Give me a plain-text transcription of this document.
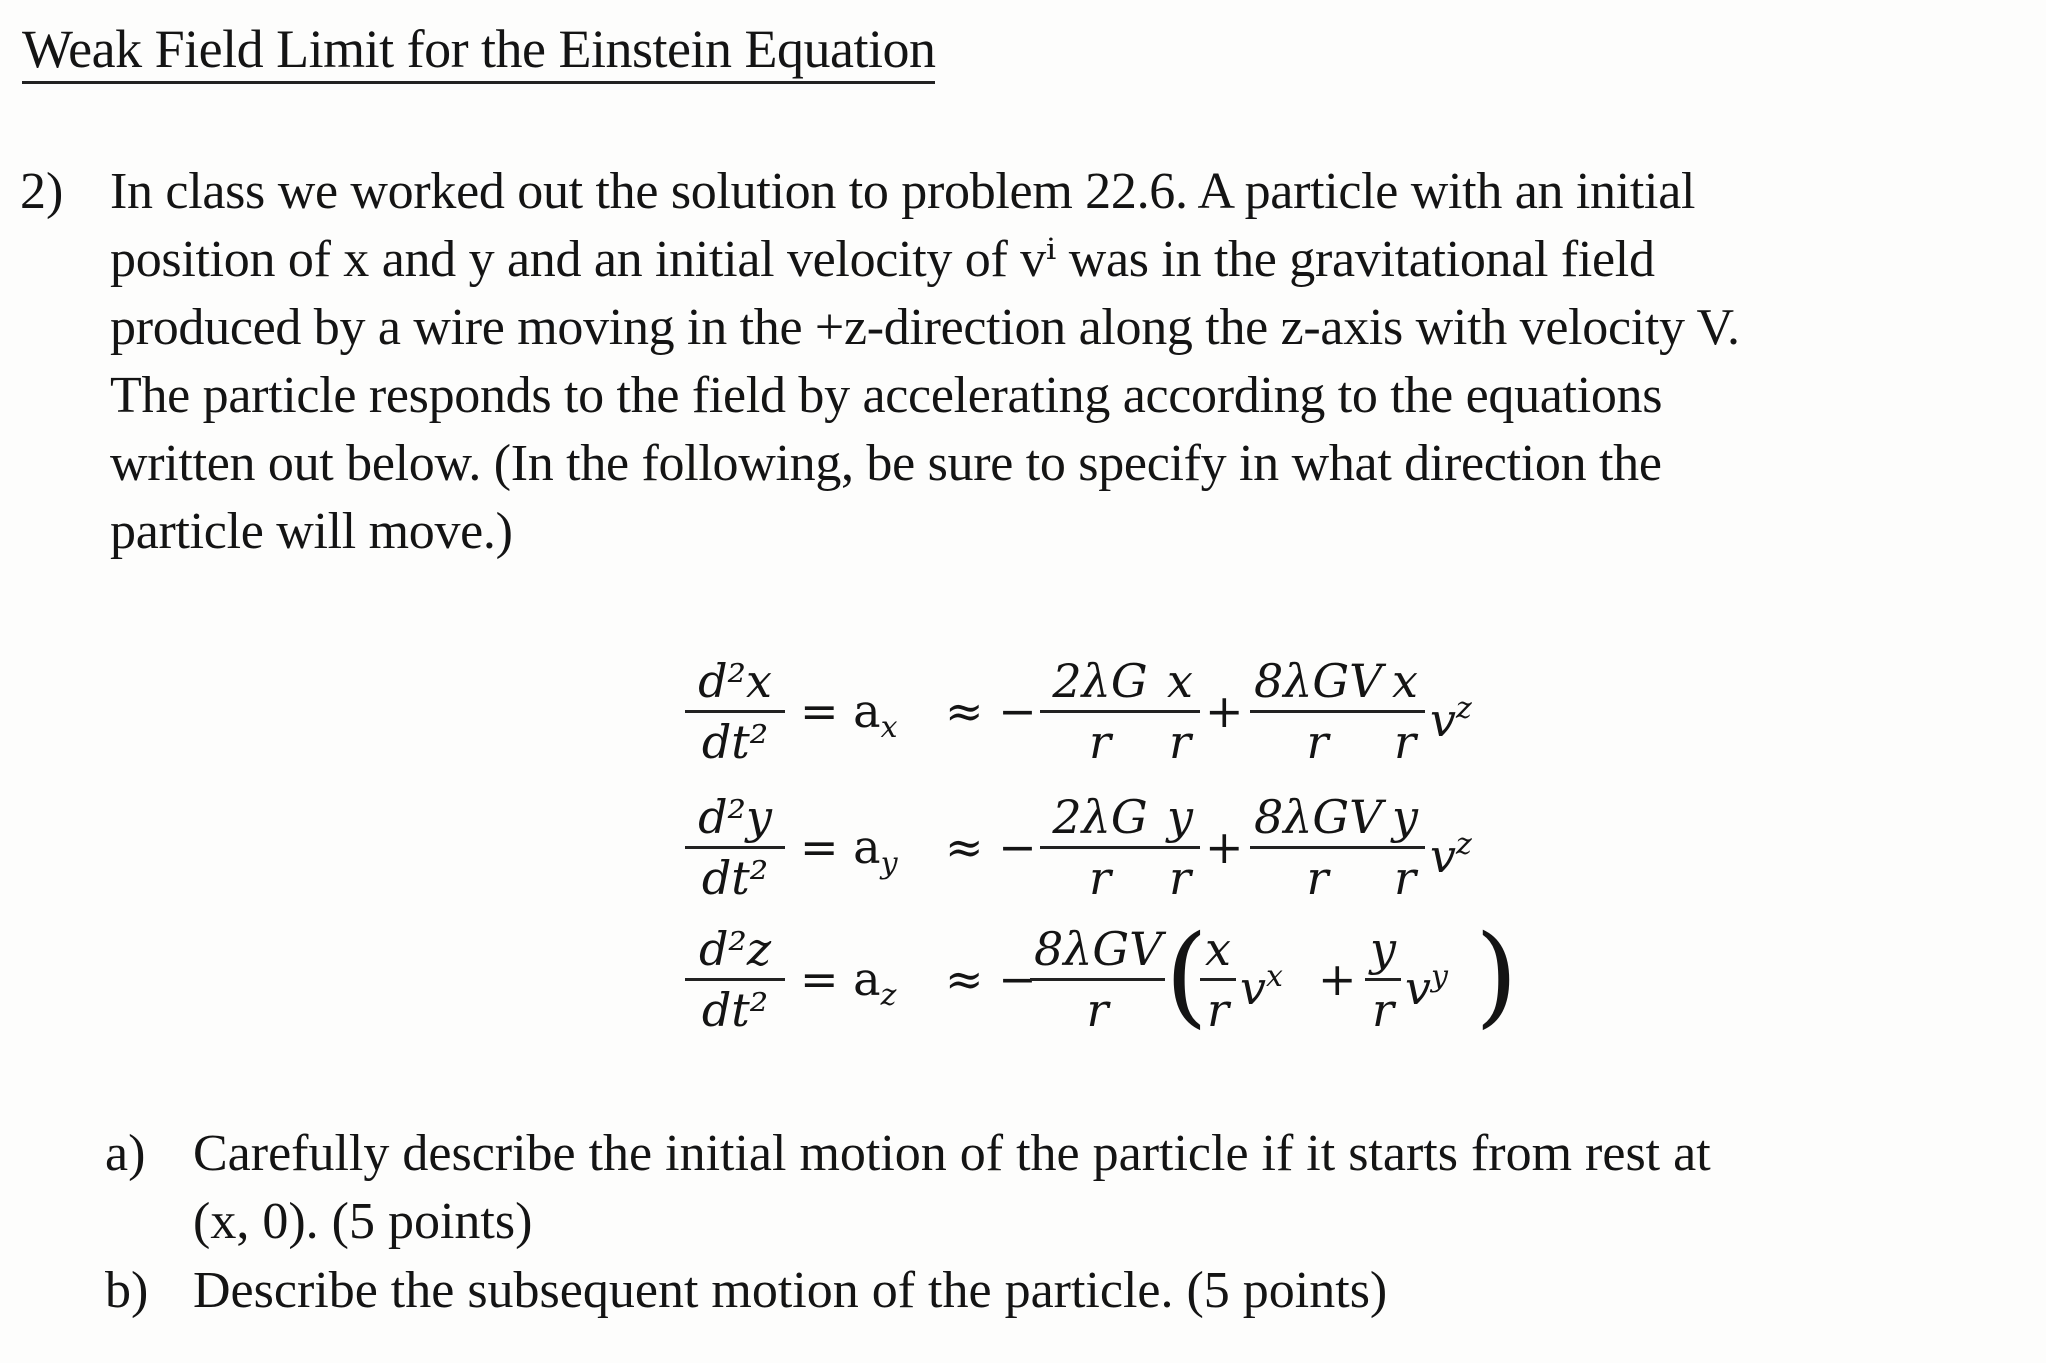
Weak Field Limit for the Einstein Equation
2) In class we worked out the solution to problem 22.6. A particle with an initial
position of x and y and an initial velocity of vⁱ was in the gravitational field
produced by a wire moving in the +z-direction along the z-axis with velocity V.
The particle responds to the field by accelerating according to the equations
written out below. (In the following, be sure to specify in what direction the
particle will move.)
$\frac{\text{d²x}}{\text{dt²}} = a_x$ ≈ − $\frac{2\lambda G}{r} \frac{x}{r}$ +
8λGV
r	$\frac{x}{r} v^z$
$\frac{\text{d²y}}{\text{dt²}} = a_y$ ≈ − $\frac{2\lambda G}{r} \frac{y}{r}$ +
8λGV
r	$\frac{y}{r} v^z$
$\frac{\text{d²z}}{\text{dt²}} = a_z$ ≈ −
8λGV
r (
$\frac{x}{r} v^x + \frac{y}{r} v^y$ )
a) Carefully describe the initial motion of the particle if it starts from rest at
(x, 0). (5 points)
b) Describe the subsequent motion of the particle. (5 points)
